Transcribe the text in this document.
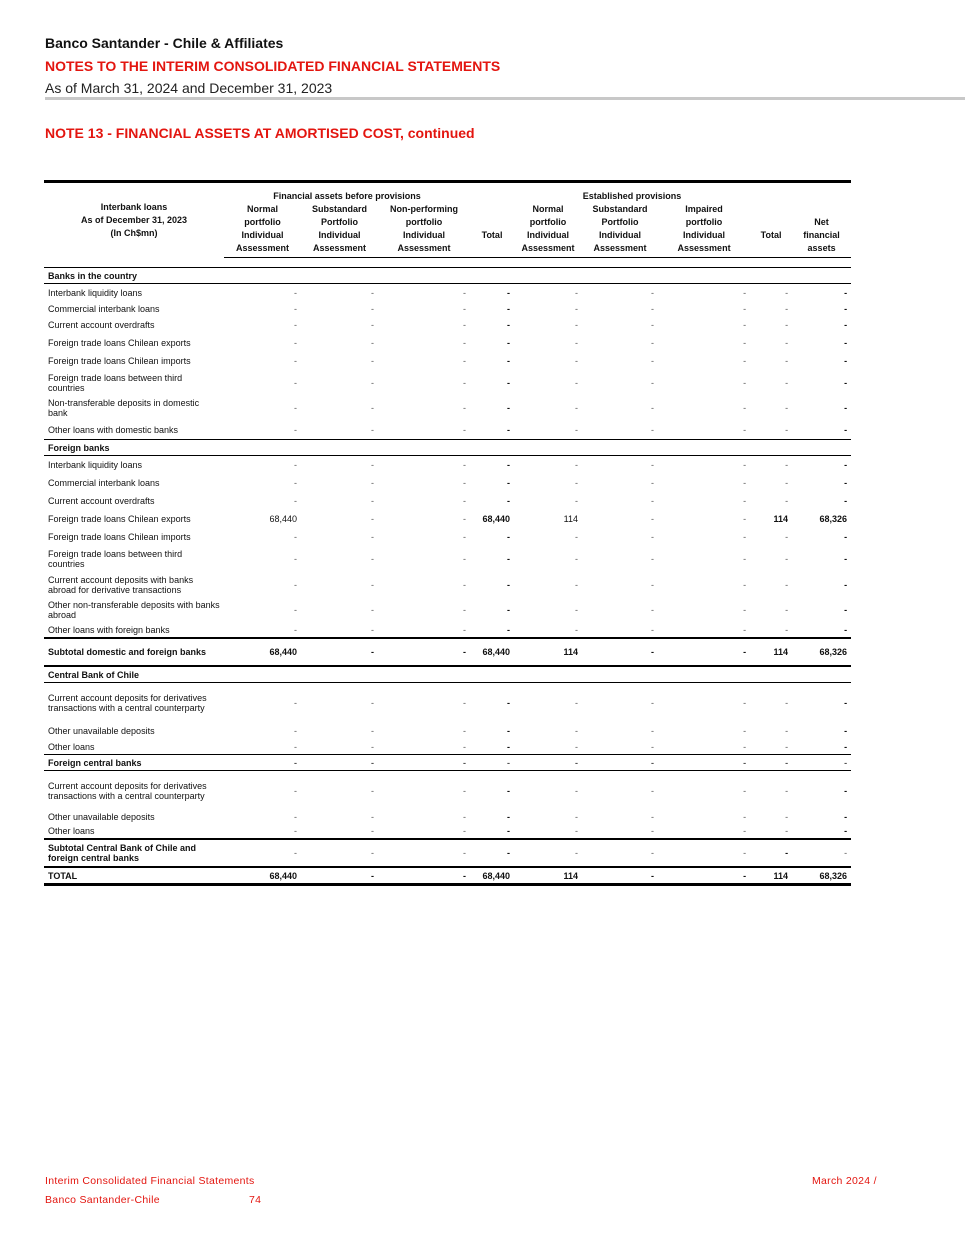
Banco Santander - Chile & Affiliates
NOTES TO THE INTERIM CONSOLIDATED FINANCIAL STATEMENTS
As of March 31, 2024 and December 31, 2023
NOTE 13 - FINANCIAL ASSETS AT AMORTISED COST, continued
Interbank loans
As of December 31, 2023
(In Ch$mn)	Financial assets before provisions				Established provisions				
	Normal	Substandard	Non-performing		Normal	Substandard	Impaired		
	portfolio	Portfolio	portfolio		portfolio	Portfolio	portfolio		Net
	Individual	Individual	Individual	Total	Individual	Individual	Individual	Total	financial
	Assessment	Assessment	Assessment		Assessment	Assessment	Assessment		assets

Banks in the country									
Interbank liquidity loans	-	-	-	-	-	-	-	-	-
Commercial interbank loans	-	-	-	-	-	-	-	-	-
Current account overdrafts	-	-	-	-	-	-	-	-	-
Foreign trade loans Chilean exports	-	-	-	-	-	-	-	-	-
Foreign trade loans Chilean imports	-	-	-	-	-	-	-	-	-
Foreign trade loans between third countries	-	-	-	-	-	-	-	-	-
Non-transferable deposits in domestic bank	-	-	-	-	-	-	-	-	-
Other loans with domestic banks	-	-	-	-	-	-	-	-	-
Foreign banks									
Interbank liquidity loans	-	-	-	-	-	-	-	-	-
Commercial interbank loans	-	-	-	-	-	-	-	-	-
Current account overdrafts	-	-	-	-	-	-	-	-	-
Foreign trade loans Chilean exports	68,440	-	-	68,440	114	-	-	114	68,326
Foreign trade loans Chilean imports	-	-	-	-	-	-	-	-	-
Foreign trade loans between third countries	-	-	-	-	-	-	-	-	-
Current account deposits with banks abroad for derivative transactions	-	-	-	-	-	-	-	-	-
Other non-transferable deposits with banks abroad	-	-	-	-	-	-	-	-	-
Other loans with foreign banks	-	-	-	-	-	-	-	-	-
Subtotal domestic and foreign banks	68,440	-	-	68,440	114	-	-	114	68,326
Central Bank of Chile									
Current account deposits for derivatives transactions with a central counterparty	-	-	-	-	-	-	-	-	-
Other unavailable deposits	-	-	-	-	-	-	-	-	-
Other loans	-	-	-	-	-	-	-	-	-
Foreign central banks	-	-	-	-	-	-	-	-	-
Current account deposits for derivatives transactions with a central counterparty	-	-	-	-	-	-	-	-	-
Other unavailable deposits	-	-	-	-	-	-	-	-	-
Other loans	-	-	-	-	-	-	-	-	-
Subtotal Central Bank of Chile and foreign central banks	-	-	-	-	-	-	-	-	-
TOTAL	68,440	-	-	68,440	114	-	-	114	68,326
Interim Consolidated Financial Statements
Banco Santander-Chile	74
March 2024 /
